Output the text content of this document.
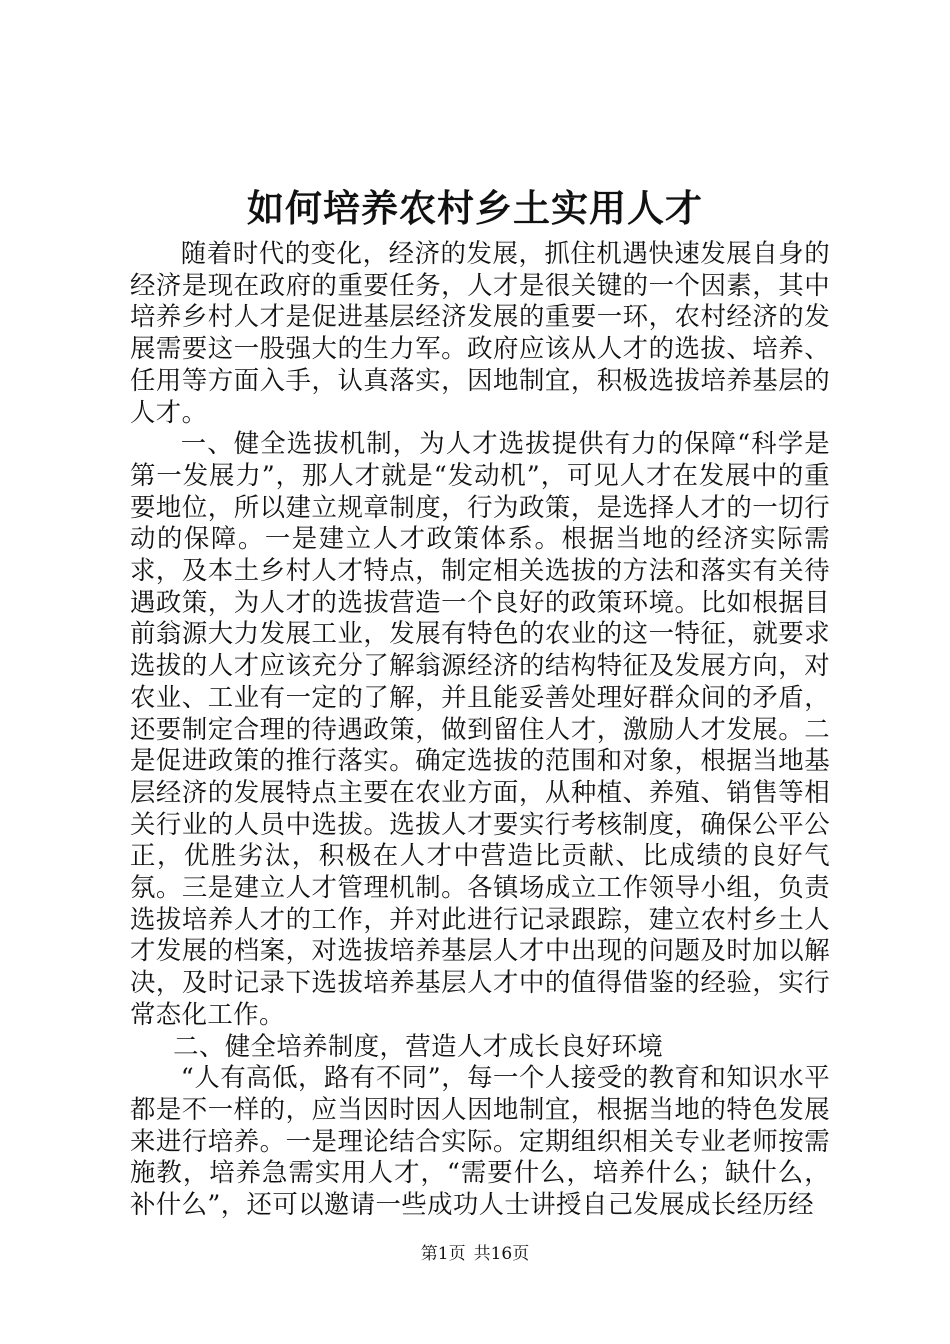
如何培养农村乡土实用人才

随着时代的变化，经济的发展，抓住机遇快速发展自身的经济是现在政府的重要任务，人才是很关键的一个因素，其中培养乡村人才是促进基层经济发展的重要一环，农村经济的发展需要这一股强大的生力军。政府应该从人才的选拔、培养、任用等方面入手，认真落实，因地制宜，积极选拔培养基层的人才。

一、健全选拔机制，为人才选拔提供有力的保障“科学是第一发展力”，那人才就是“发动机”，可见人才在发展中的重要地位，所以建立规章制度，行为政策，是选择人才的一切行动的保障。一是建立人才政策体系。根据当地的经济实际需求，及本土乡村人才特点，制定相关选拔的方法和落实有关待遇政策，为人才的选拔营造一个良好的政策环境。比如根据目前翁源大力发展工业，发展有特色的农业的这一特征，就要求选拔的人才应该充分了解翁源经济的结构特征及发展方向，对农业、工业有一定的了解，并且能妥善处理好群众间的矛盾，还要制定合理的待遇政策，做到留住人才，激励人才发展。二是促进政策的推行落实。确定选拔的范围和对象，根据当地基层经济的发展特点主要在农业方面，从种植、养殖、销售等相关行业的人员中选拔。选拔人才要实行考核制度，确保公平公正，优胜劣汰，积极在人才中营造比贡献、比成绩的良好气氛。三是建立人才管理机制。各镇场成立工作领导小组，负责选拔培养人才的工作，并对此进行记录跟踪，建立农村乡土人才发展的档案，对选拔培养基层人才中出现的问题及时加以解决，及时记录下选拔培养基层人才中的值得借鉴的经验，实行常态化工作。

二、健全培养制度，营造人才成长良好环境

“人有高低，路有不同”，每一个人接受的教育和知识水平都是不一样的，应当因时因人因地制宜，根据当地的特色发展来进行培养。一是理论结合实际。定期组织相关专业老师按需施教，培养急需实用人才，“需要什么，培养什么；缺什么，补什么”，还可以邀请一些成功人士讲授自己发展成长经历经

第1页 共16页
